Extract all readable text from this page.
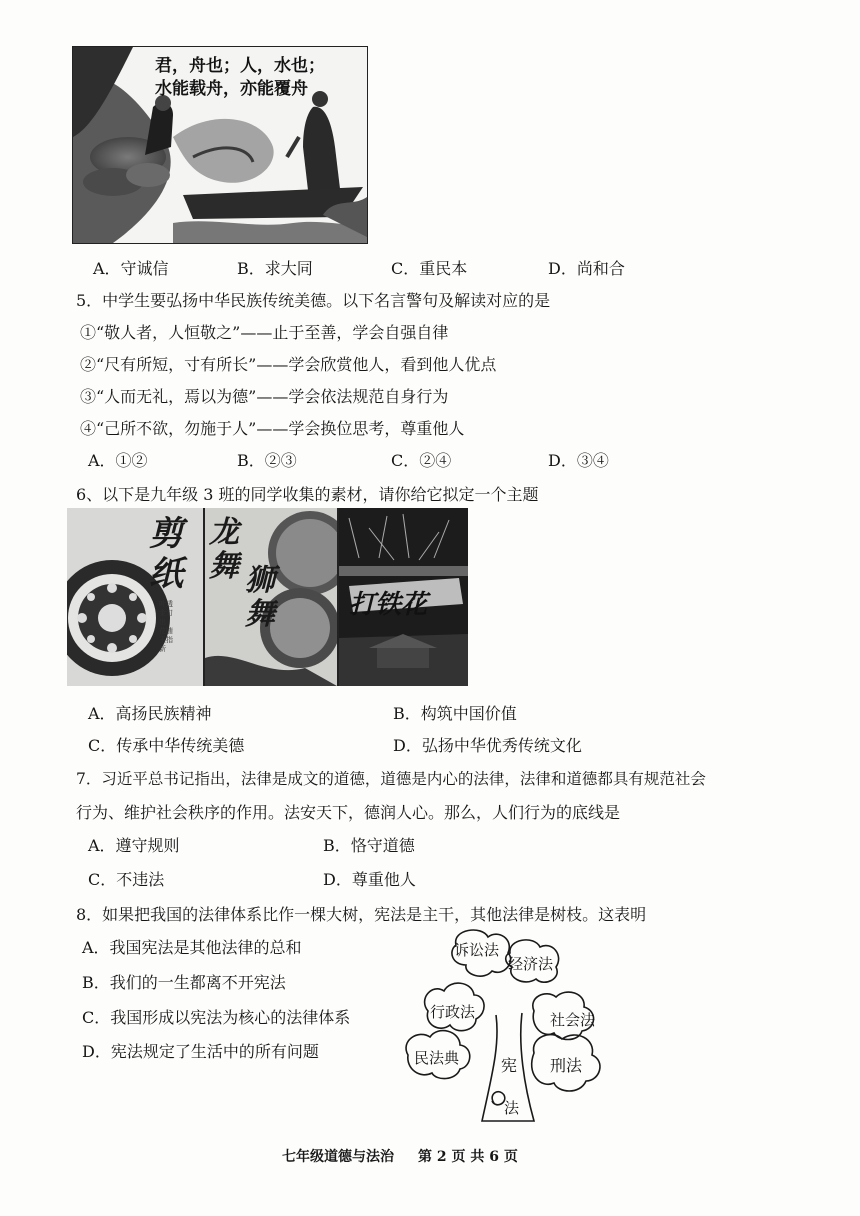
君，舟也；人，水也；
水能载舟，亦能覆舟
A．守诚信	B．求大同	C．重民本	D．尚和合
5．中学生要弘扬中华民族传统美德。以下名言警句及解读对应的是
①“敬人者，人恒敬之”——止于至善，学会自强自律
②“尺有所短，寸有所长”——学会欣赏他人，看到他人优点
③“人而无礼，焉以为德”——学会依法规范自身行为
④“己所不欲，勿施于人”——学会换位思考，尊重他人
A．①②	B．②③	C．②④	D．③④
6、以下是九年级 3 班的同学收集的素材，请你给它拟定一个主题
剪纸
叶透金刀出 花随玉指新
龙舞 狮舞	打铁花
A．高扬民族精神	B．构筑中国价值
C．传承中华传统美德	D．弘扬中华优秀传统文化
7．习近平总书记指出，法律是成文的道德，道德是内心的法律，法律和道德都具有规范社会
行为、维护社会秩序的作用。法安天下，德润人心。那么，人们行为的底线是
A．遵守规则	B．恪守道德
C．不违法	D．尊重他人
8．如果把我国的法律体系比作一棵大树，宪法是主干，其他法律是树枝。这表明
A．我国宪法是其他法律的总和
B．我们的一生都离不开宪法
C．我国形成以宪法为核心的法律体系
D．宪法规定了生活中的所有问题
诉讼法
经济法
行政法	社会法
民法典	刑法
宪
法
七年级道德与法治 第 2 页 共 6 页
